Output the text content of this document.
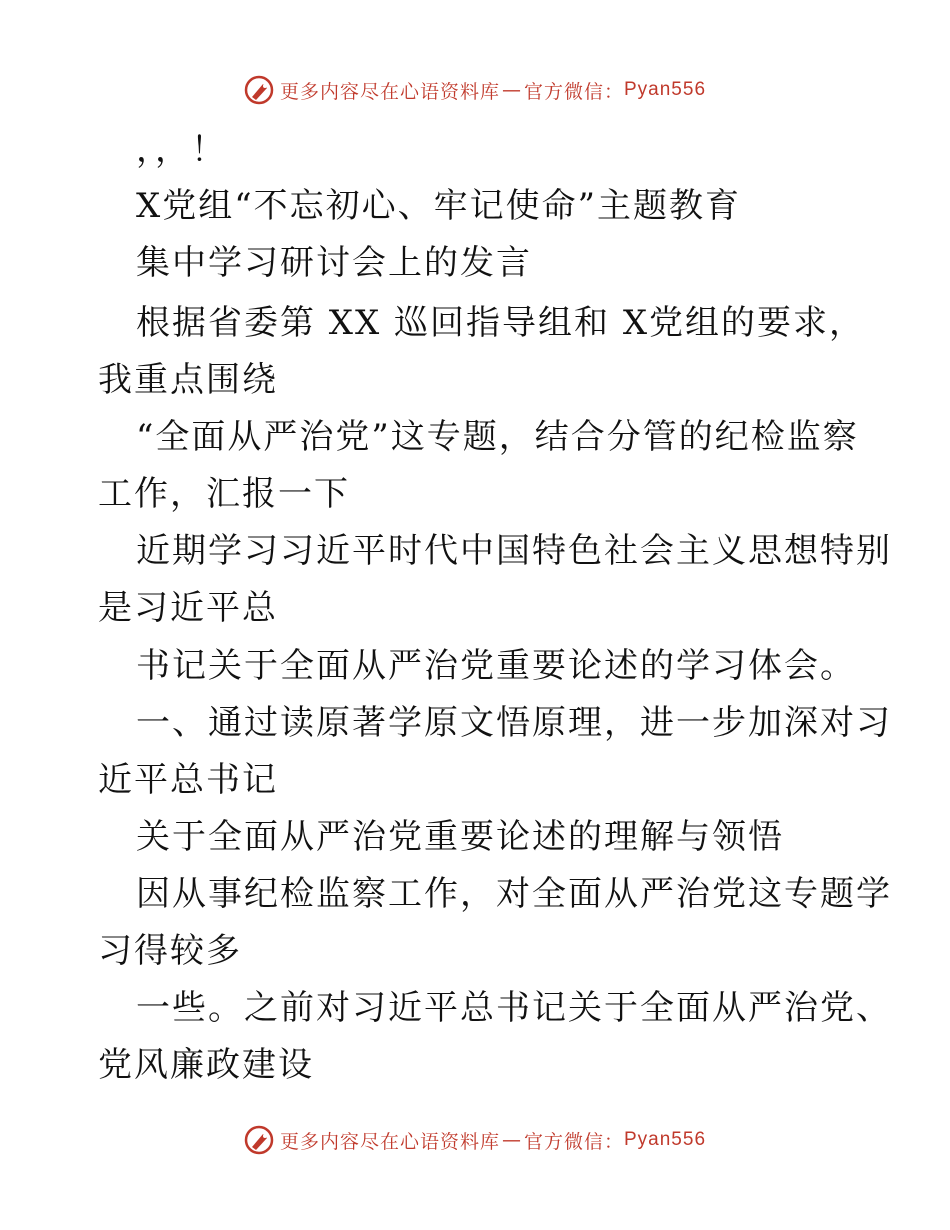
更多内容尽在心语资料库 — 官方微信： Pyan556
，，！
X党组“不忘初心、牢记使命”主题教育
集中学习研讨会上的发言
根据省委第 XX 巡回指导组和 X党组的要求，
我重点围绕
“全面从严治党”这专题，结合分管的纪检监察
工作，汇报一下
近期学习习近平时代中国特色社会主义思想特别
是习近平总
书记关于全面从严治党重要论述的学习体会。
一、通过读原著学原文悟原理，进一步加深对习
近平总书记
关于全面从严治党重要论述的理解与领悟
因从事纪检监察工作，对全面从严治党这专题学
习得较多
一些。之前对习近平总书记关于全面从严治党、
党风廉政建设
更多内容尽在心语资料库 — 官方微信： Pyan556
